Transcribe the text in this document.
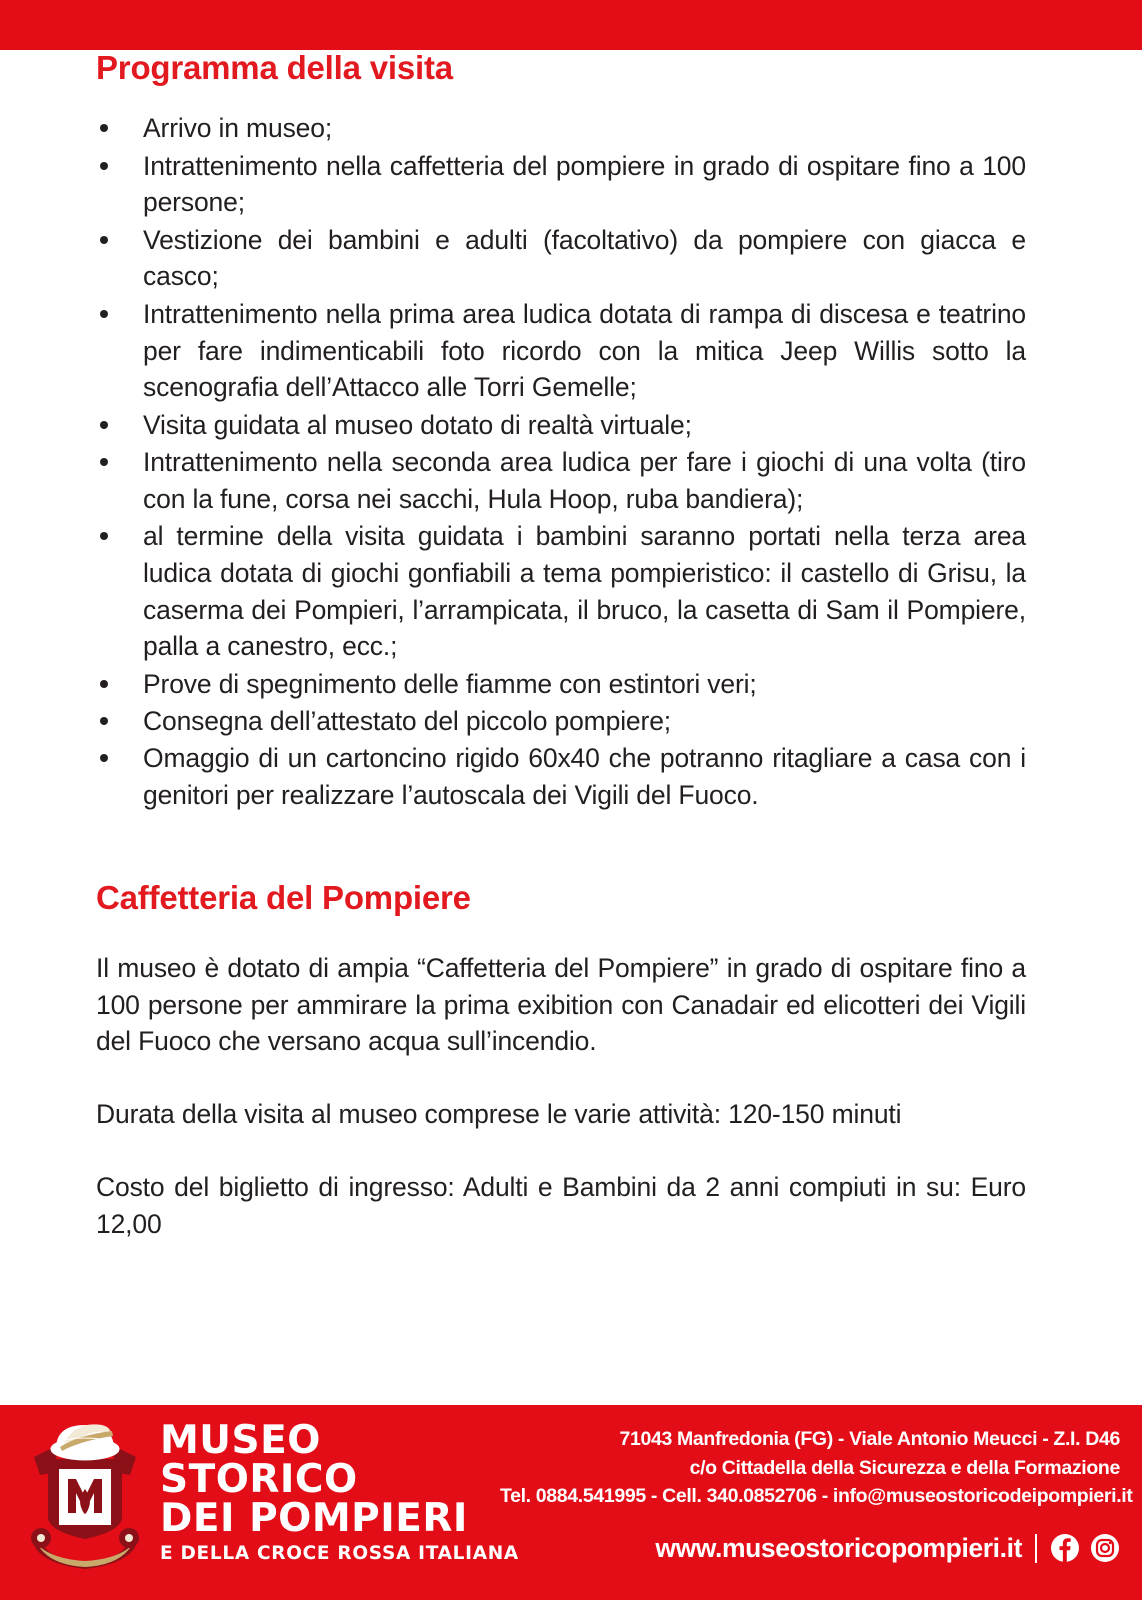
Programma della visita
Arrivo in museo;
Intrattenimento nella caffetteria del pompiere in grado di ospitare fino a 100 persone;
Vestizione dei bambini e adulti (facoltativo) da pompiere con giacca e casco;
Intrattenimento nella prima area ludica dotata di rampa di discesa e teatrino per fare indimenticabili foto ricordo con la mitica Jeep Willis sotto la scenografia dell’Attacco alle Torri Gemelle;
Visita guidata al museo dotato di realtà virtuale;
Intrattenimento nella seconda area ludica per fare i giochi di una volta (tiro con la fune, corsa nei sacchi, Hula Hoop, ruba bandiera);
al termine della visita guidata i bambini saranno portati nella terza area ludica dotata di giochi gonfiabili a tema pompieristico: il castello di Grisu, la caserma dei Pompieri, l’arrampicata, il bruco, la casetta di Sam il Pompiere, palla a canestro, ecc.;
Prove di spegnimento delle fiamme con estintori veri;
Consegna dell’attestato del piccolo pompiere;
Omaggio di un cartoncino rigido 60x40 che potranno ritagliare a casa con i genitori per realizzare l’autoscala dei Vigili del Fuoco.
Caffetteria del Pompiere

Il museo è dotato di ampia “Caffetteria del Pompiere” in grado di ospitare fino a 100 persone per ammirare la prima exibition con Canadair ed elicotteri dei Vigili del Fuoco che versano acqua sull’incendio.

Durata della visita al museo comprese le varie attività: 120-150 minuti

Costo del biglietto di ingresso: Adulti e Bambini da 2 anni compiuti in su: Euro 12,00

MUSEO
STORICO
DEI POMPIERI
E DELLA CROCE ROSSA ITALIANA
71043 Manfredonia (FG) - Viale Antonio Meucci - Z.I. D46
c/o Cittadella della Sicurezza e della Formazione
Tel. 0884.541995 - Cell. 340.0852706 - info@museostoricodeipompieri.it
www.museostoricopompieri.it
